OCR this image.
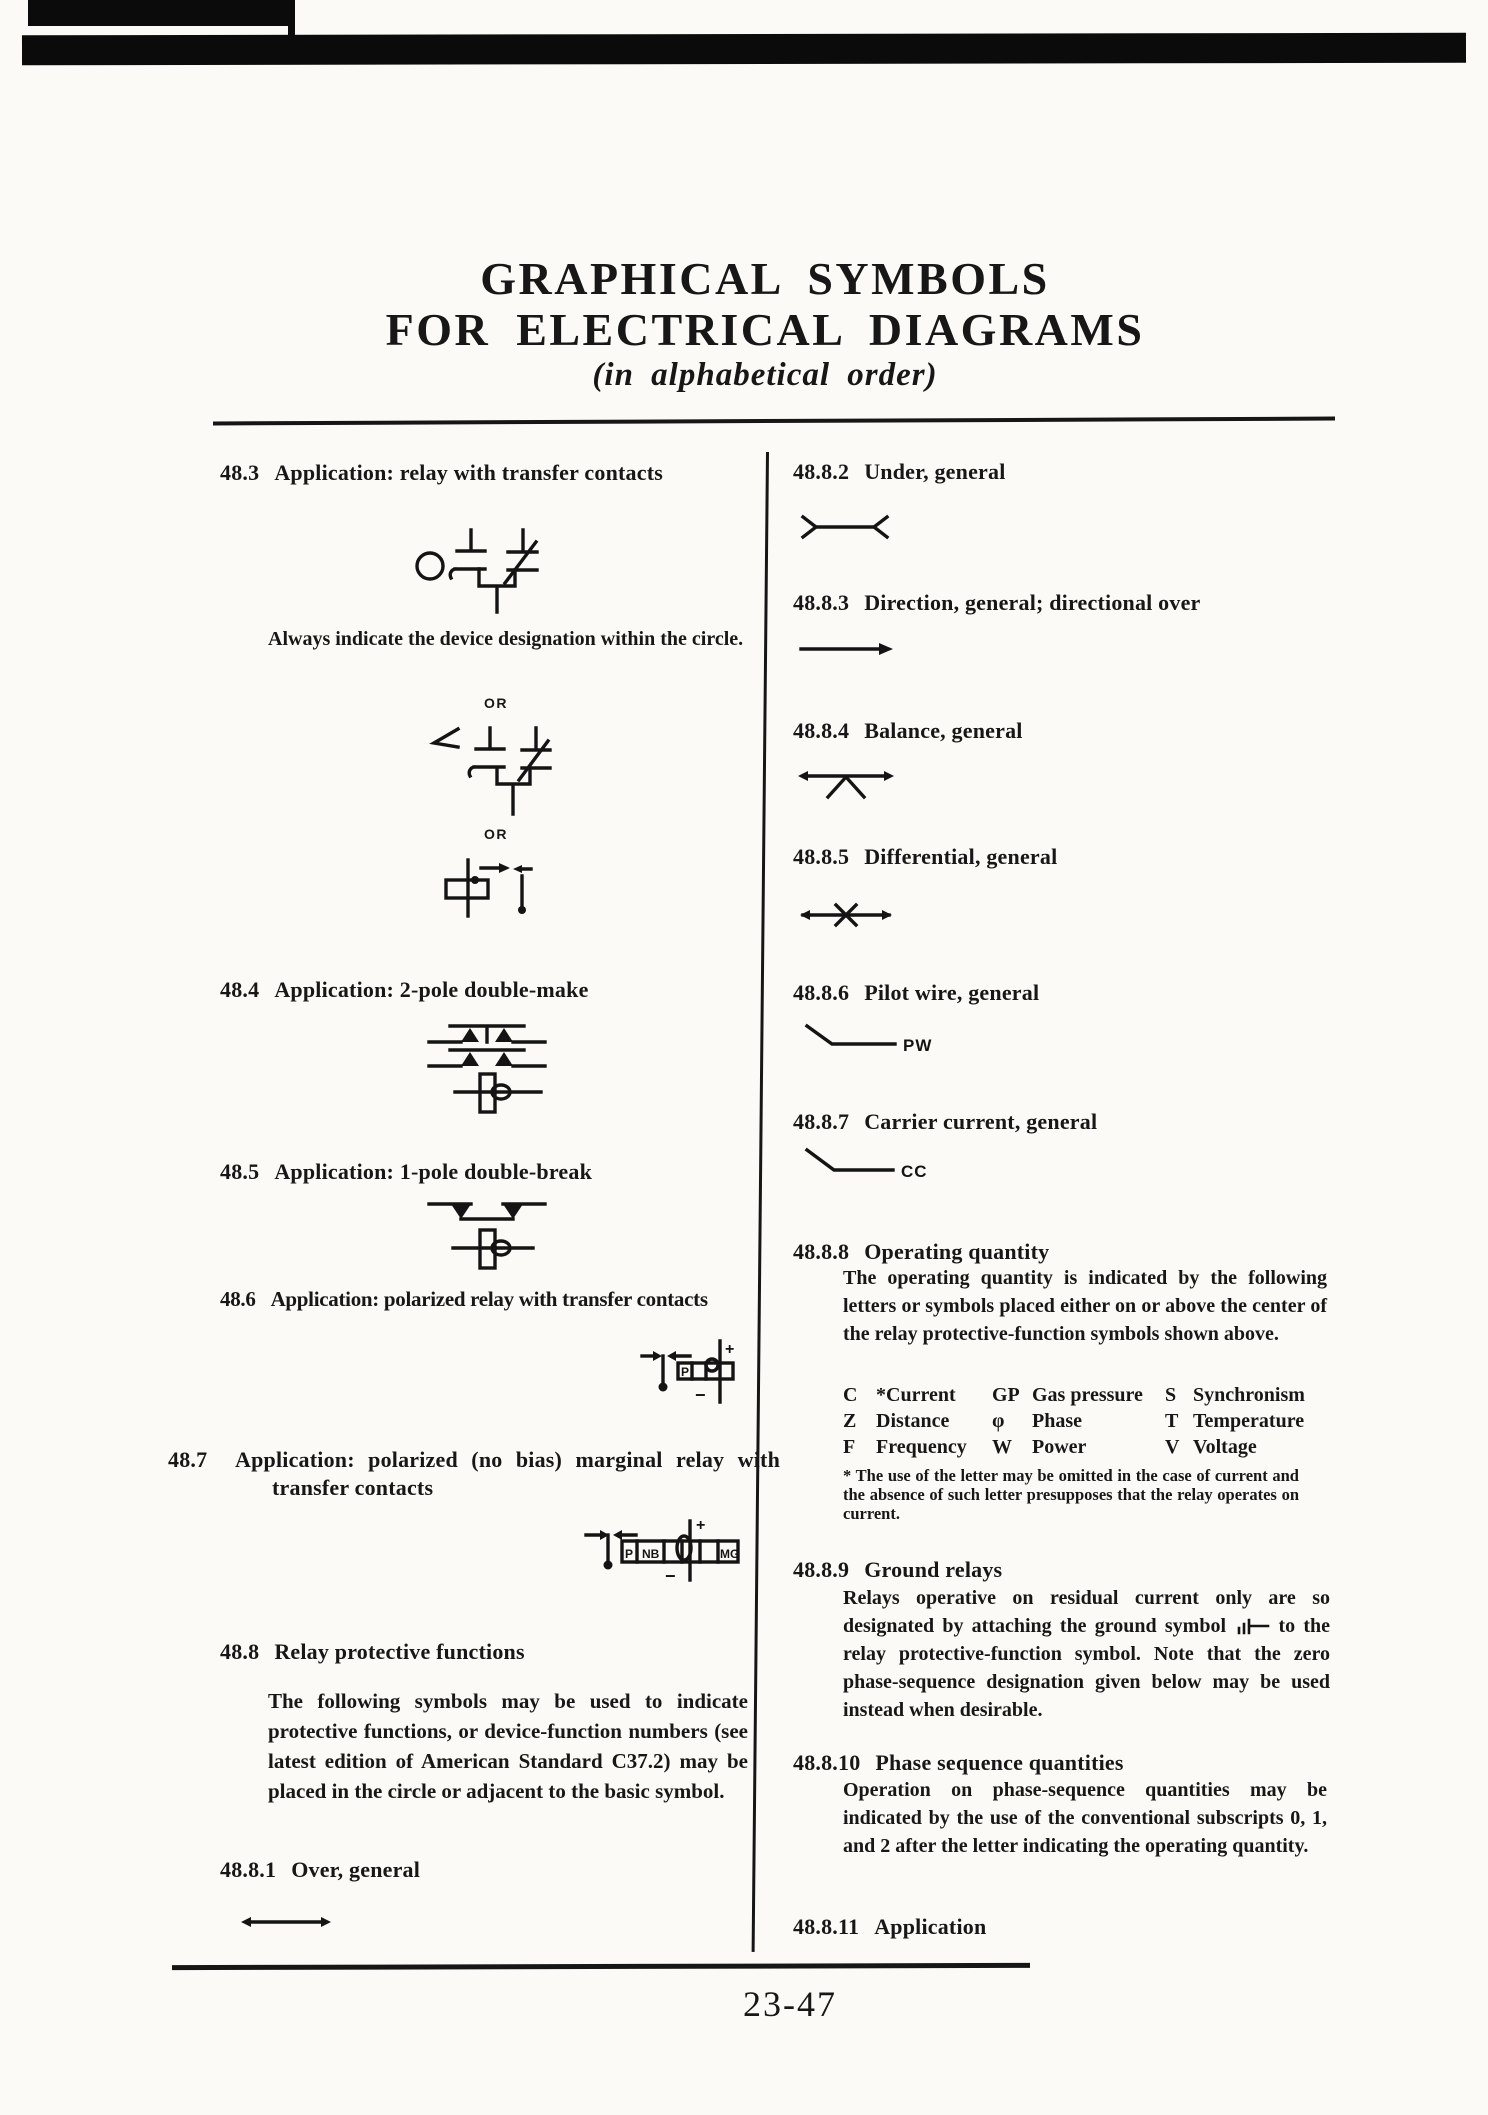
GRAPHICAL SYMBOLS
FOR ELECTRICAL DIAGRAMS
(in alphabetical order)
48.3 Application: relay with transfer contacts
Always indicate the device designation within the circle.
OR
OR
48.4 Application: 2-pole double-make
48.5 Application: 1-pole double-break
48.6 Application: polarized relay with transfer contacts
P
+
−
48.7 Application: polarized (no bias) marginal relay with transfer contacts
P NB	MG
+
−
48.8 Relay protective functions
The following symbols may be used to indicate protective functions, or device-function numbers (see latest edition of American Standard C37.2) may be placed in the circle or adjacent to the basic symbol.
48.8.1 Over, general
48.8.2 Under, general
48.8.3 Direction, general; directional over
48.8.4 Balance, general
48.8.5 Differential, general
48.8.6 Pilot wire, general
PW
48.8.7 Carrier current, general
CC
48.8.8 Operating quantity
The operating quantity is indicated by the following letters or symbols placed either on or above the center of the relay protective-function symbols shown above.
C *Current	GP Gas pressure	S Synchronism
Z Distance	φ	Phase	T Temperature
F	Frequency	W	Power	V Voltage
* The use of the letter may be omitted in the case of current and the absence of such letter presupposes that the relay operates on current.
48.8.9 Ground relays
Relays operative on residual current only are so designated by attaching the ground symbol	to the relay protective-function symbol. Note that the zero phase-sequence designation given below may be used instead when desirable.
48.8.10 Phase sequence quantities
Operation on phase-sequence quantities may be indicated by the use of the conventional subscripts 0, 1, and 2 after the letter indicating the operating quantity.
48.8.11 Application
23-47
